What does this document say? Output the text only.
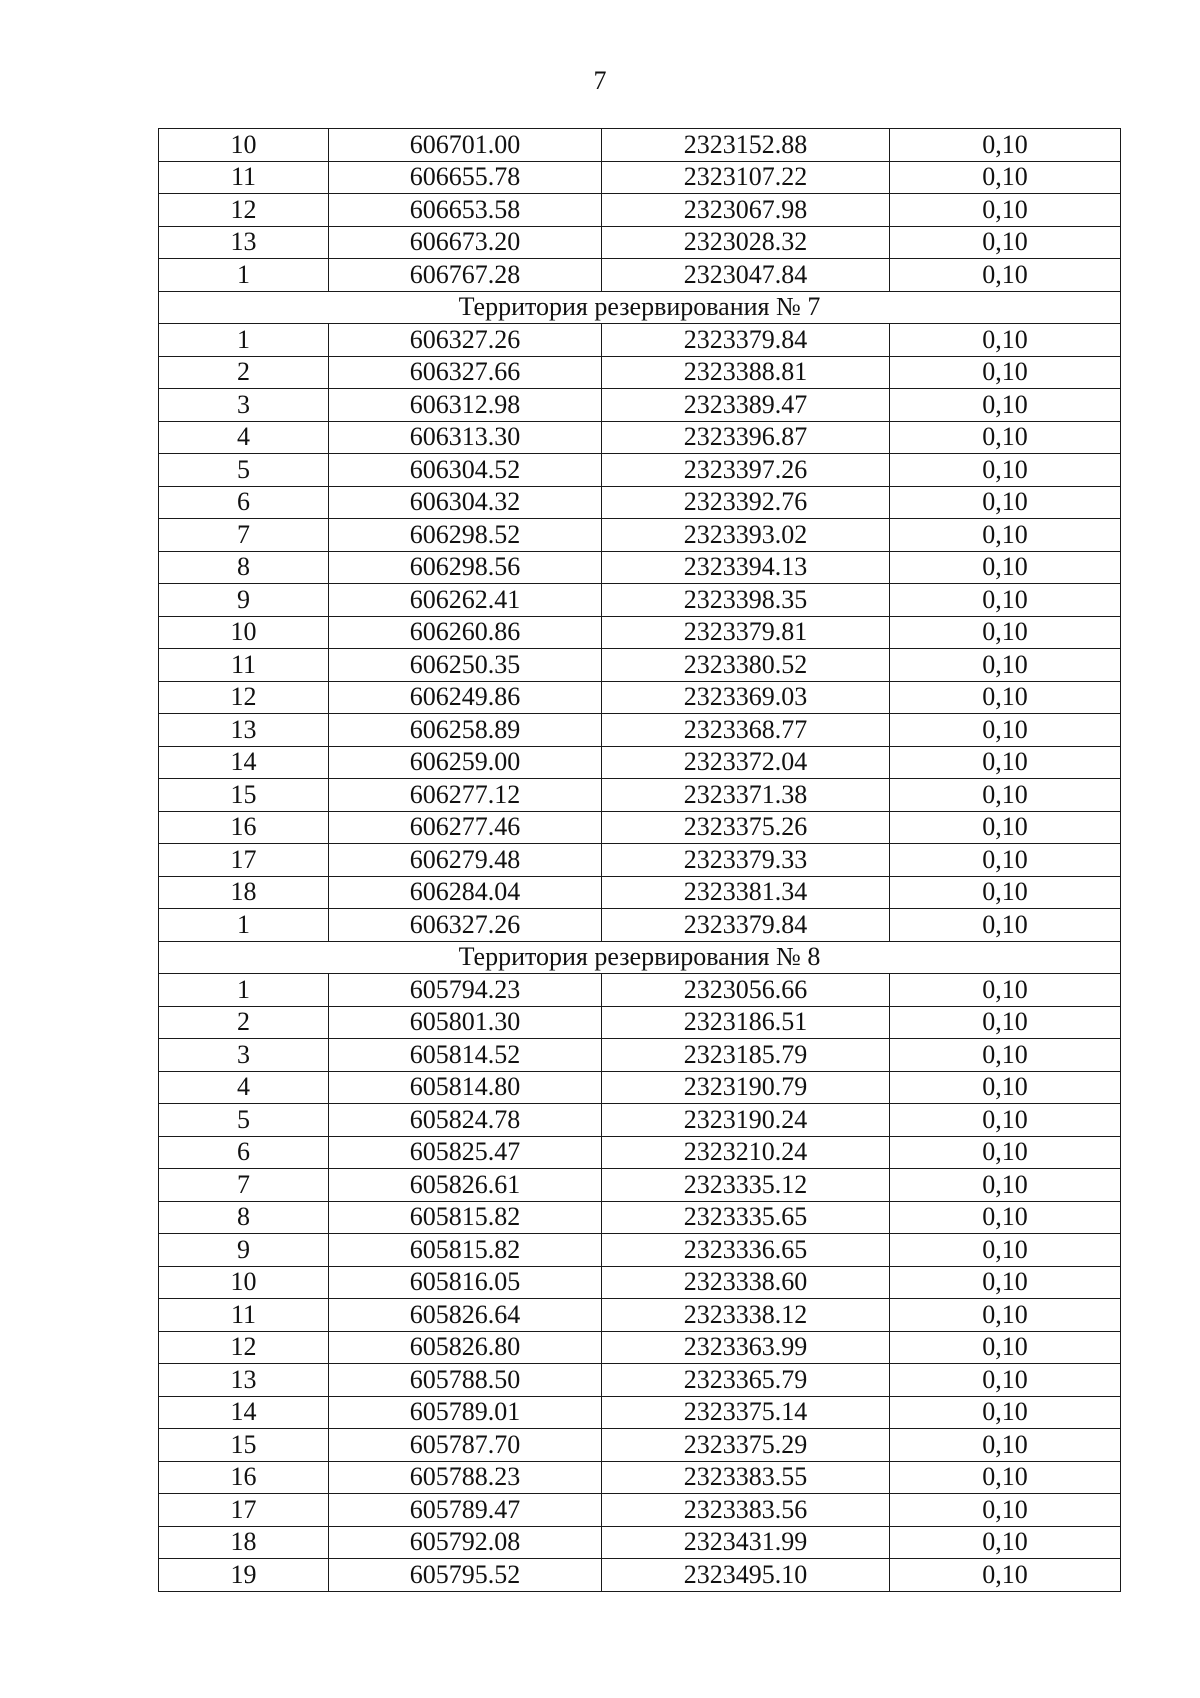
7
10	606701.00	2323152.88	0,10
11	606655.78	2323107.22	0,10
12	606653.58	2323067.98	0,10
13	606673.20	2323028.32	0,10
1	606767.28	2323047.84	0,10
Территория резервирования № 7			
1	606327.26	2323379.84	0,10
2	606327.66	2323388.81	0,10
3	606312.98	2323389.47	0,10
4	606313.30	2323396.87	0,10
5	606304.52	2323397.26	0,10
6	606304.32	2323392.76	0,10
7	606298.52	2323393.02	0,10
8	606298.56	2323394.13	0,10
9	606262.41	2323398.35	0,10
10	606260.86	2323379.81	0,10
11	606250.35	2323380.52	0,10
12	606249.86	2323369.03	0,10
13	606258.89	2323368.77	0,10
14	606259.00	2323372.04	0,10
15	606277.12	2323371.38	0,10
16	606277.46	2323375.26	0,10
17	606279.48	2323379.33	0,10
18	606284.04	2323381.34	0,10
1	606327.26	2323379.84	0,10
Территория резервирования № 8			
1	605794.23	2323056.66	0,10
2	605801.30	2323186.51	0,10
3	605814.52	2323185.79	0,10
4	605814.80	2323190.79	0,10
5	605824.78	2323190.24	0,10
6	605825.47	2323210.24	0,10
7	605826.61	2323335.12	0,10
8	605815.82	2323335.65	0,10
9	605815.82	2323336.65	0,10
10	605816.05	2323338.60	0,10
11	605826.64	2323338.12	0,10
12	605826.80	2323363.99	0,10
13	605788.50	2323365.79	0,10
14	605789.01	2323375.14	0,10
15	605787.70	2323375.29	0,10
16	605788.23	2323383.55	0,10
17	605789.47	2323383.56	0,10
18	605792.08	2323431.99	0,10
19	605795.52	2323495.10	0,10
